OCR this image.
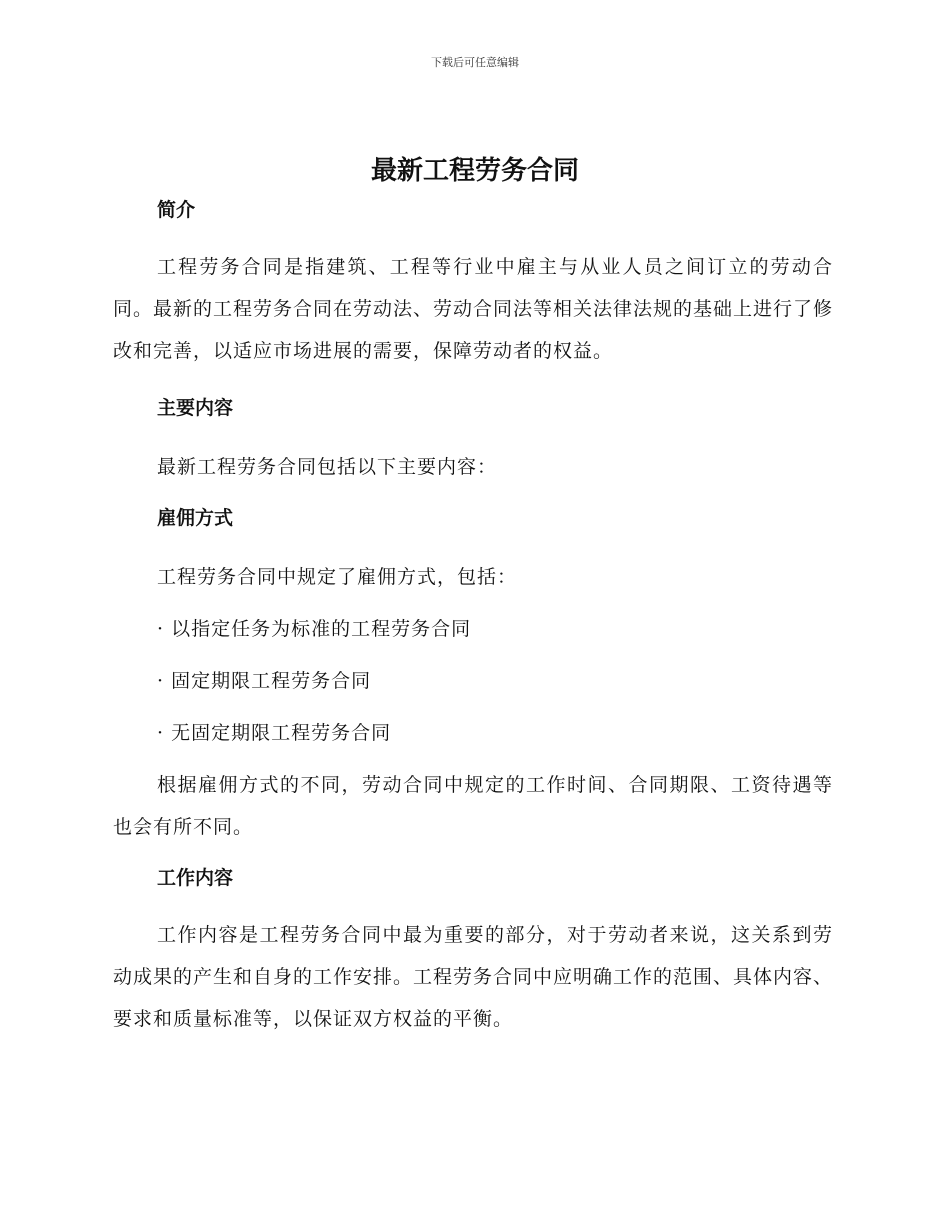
下载后可任意编辑
最新工程劳务合同
简介

工程劳务合同是指建筑、工程等行业中雇主与从业人员之间订立的劳动合同。最新的工程劳务合同在劳动法、劳动合同法等相关法律法规的基础上进行了修改和完善，以适应市场进展的需要，保障劳动者的权益。

主要内容

最新工程劳务合同包括以下主要内容：

雇佣方式

工程劳务合同中规定了雇佣方式，包括：

· 以指定任务为标准的工程劳务合同

· 固定期限工程劳务合同

· 无固定期限工程劳务合同

根据雇佣方式的不同，劳动合同中规定的工作时间、合同期限、工资待遇等也会有所不同。

工作内容

工作内容是工程劳务合同中最为重要的部分，对于劳动者来说，这关系到劳动成果的产生和自身的工作安排。工程劳务合同中应明确工作的范围、具体内容、要求和质量标准等，以保证双方权益的平衡。
